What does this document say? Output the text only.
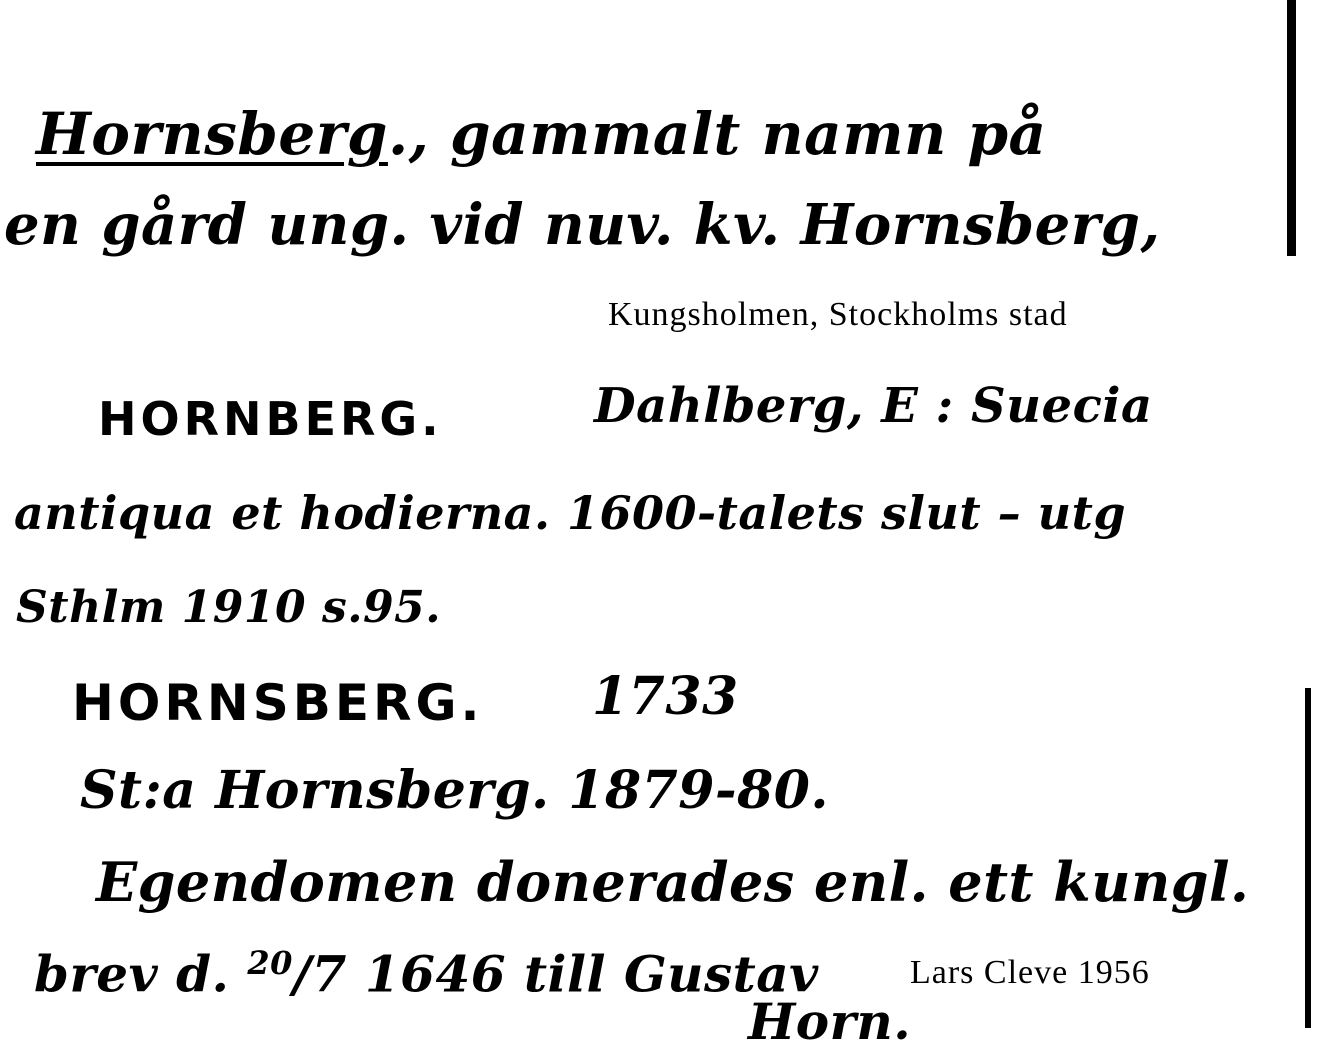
Hornsberg., gammalt namn på
en gård ung. vid nuv. kv. Hornsberg,
Kungsholmen, Stockholms stad
HORNBERG.	Dahlberg, E : Suecia
antiqua et hodierna. 1600-talets slut – utg
Sthlm 1910 s.95.
HORNSBERG. 1733
St:a Hornsberg. 1879-80.
Egendomen donerades enl. ett kungl.
brev d. $^{20}$/7 1646 till Gustav	Lars Cleve 1956
Horn.
